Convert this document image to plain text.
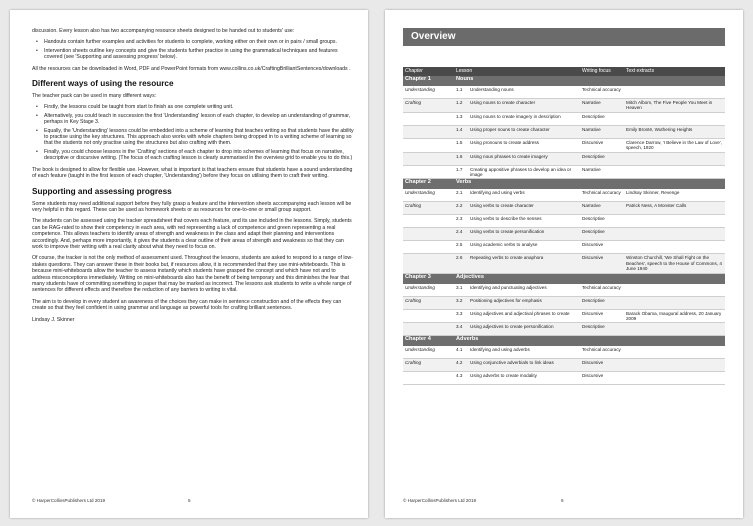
discussion. Every lesson also has two accompanying resource sheets designed to be handed out to students' use:

• Handouts contain further examples and activities for students to complete, working either on their own or in pairs / small groups.
• Intervention sheets outline key concepts and give the students further practice in using the grammatical techniques and features covered (see 'Supporting and assessing progress' below).

All the resources can be downloaded in Word, PDF and PowerPoint formats from www.collins.co.uk/CraftingBrilliantSentences/downloads .

Different ways of using the resource

The teacher pack can be used in many different ways:

• Firstly, the lessons could be taught from start to finish as one complete writing unit.
• Alternatively, you could teach in succession the first 'Understanding' lesson of each chapter, to develop an understanding of grammar, perhaps in Key Stage 3.
• Equally, the 'Understanding' lessons could be embedded into a scheme of learning that teaches writing so that students have the ability to practise using the key structures. This approach also works with whole chapters being dropped in to a writing scheme of learning so that the students not only practise using the structures but also crafting with them.
• Finally, you could choose lessons in the 'Crafting' sections of each chapter to drop into schemes of learning that focus on narrative, descriptive or discursive writing. (The focus of each crafting lesson is clearly summarised in the overview grid to enable you to do this.)

The book is designed to allow for flexible use. However, what is important is that teachers ensure that students have a sound understanding of each feature (taught in the first lesson of each chapter, 'Understanding') before they focus on utilising them to craft their writing.

Supporting and assessing progress

Some students may need additional support before they fully grasp a feature and the intervention sheets accompanying each lesson will be very helpful in this regard. These can be used as homework sheets or as resources for one-to-one or small group support.

The students can be assessed using the tracker spreadsheet that covers each feature, and its use included in the lessons. Simply, students can be RAG-rated to show their competency in each area, with red representing a lack of competence and green representing a real competence. This allows teachers to identify areas of strength and weakness in the class and adapt their planning and interventions accordingly. And, perhaps more importantly, it gives the students a clear outline of their areas of strength and weakness so that they can work to improve their writing with a real clarity about what they need to focus on.

Of course, the tracker is not the only method of assessment used. Throughout the lessons, students are asked to respond to a range of low-stakes questions. They can answer these in their books but, if resources allow, it is recommended that they use mini-whiteboards. This is because mini-whiteboards allow the teacher to assess instantly which students have grasped the concept and which have not and to address misconceptions immediately. Writing on mini-whiteboards also has the benefit of being temporary and this diminishes the fear that many students have of committing something to paper that may be marked as incorrect. The lessons ask students to write a whole range of sentences for different effects and therefore the reduction of any barriers to writing is vital.

The aim is to develop in every student an awareness of the choices they can make in sentence construction and of the effects they can create so that they feel confident in using grammar and language as powerful tools for crafting brilliant sentences.

Lindsay J. Skinner

© HarperCollinsPublishers Ltd 2019	5
Overview
Chapter	Lesson		Writing focus	Text extracts
Chapter 1	Nouns			
Understanding	1.1	Understanding nouns	Technical accuracy	
Crafting	1.2	Using nouns to create character	Narrative	Mitch Albom, The Five People You Meet in Heaven
	1.3	Using nouns to create imagery in description	Descriptive	
	1.4	Using proper nouns to create character	Narrative	Emily Brontë, Wuthering Heights
	1.5	Using pronouns to create address	Discursive	Clarence Darrow, 'I Believe in the Law of Love', speech, 1920
	1.6	Using noun phrases to create imagery	Descriptive	
	1.7	Creating appositive phrases to develop an idea or image	Narrative	
Chapter 2	Verbs			
Understanding	2.1	Identifying and using verbs	Technical accuracy	Lindsay Skinner, Revenge
Crafting	2.2	Using verbs to create character	Narrative	Patrick Ness, A Monster Calls
	2.3	Using verbs to describe the senses	Descriptive	
	2.4	Using verbs to create personification	Descriptive	
	2.5	Using academic verbs to analyse	Discursive	
	2.6	Repeating verbs to create anaphora	Discursive	Winston Churchill, 'We Shall Fight on the Beaches', speech to the House of Commons, 4 June 1940
Chapter 3	Adjectives			
Understanding	3.1	Identifying and punctuating adjectives	Technical accuracy	
Crafting	3.2	Positioning adjectives for emphasis	Descriptive	
	3.3	Using adjectives and adjectival phrases to create	Discursive	Barack Obama, Inaugural address, 20 January 2009
	3.4	Using adjectives to create personification	Descriptive	
Chapter 4	Adverbs			
Understanding	4.1	Identifying and using adverbs	Technical accuracy	
Crafting	4.2	Using conjunctive adverbials to link ideas	Discursive	
	4.3	Using adverbs to create modality	Discursive	
© HarperCollinsPublishers Ltd 2019	6
